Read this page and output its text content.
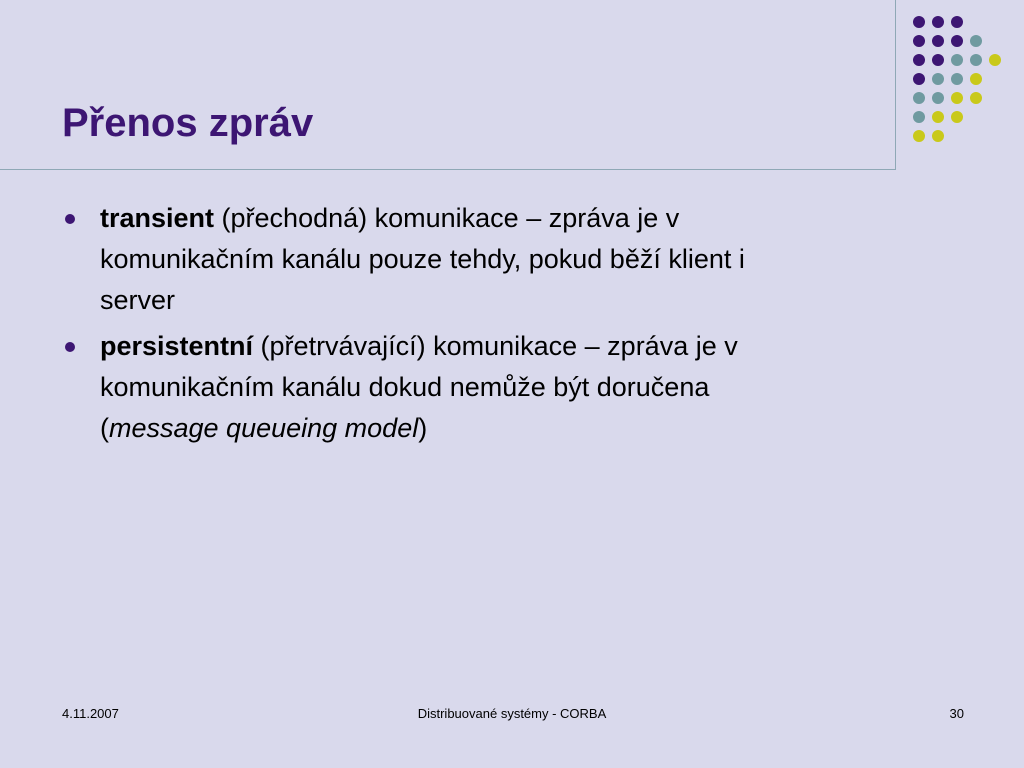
Přenos zpráv
transient (přechodná) komunikace – zpráva je v
komunikačním kanálu pouze tehdy, pokud běží klient i
server
persistentní (přetrvávající) komunikace – zpráva je v
komunikačním kanálu dokud nemůže být doručena
(message queueing model)
4.11.2007	Distribuované systémy - CORBA	30
